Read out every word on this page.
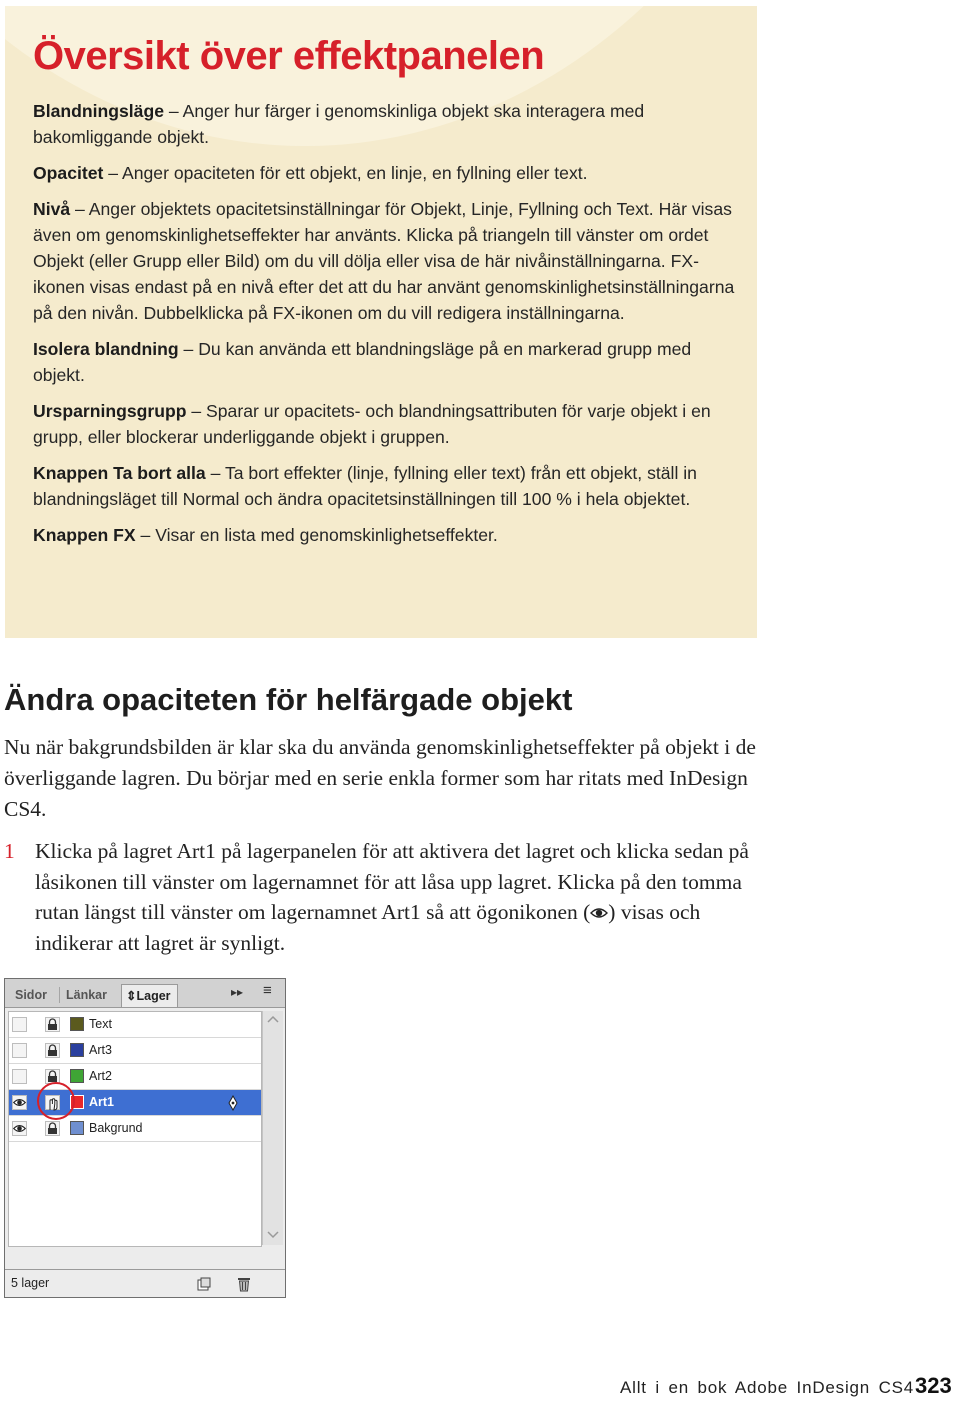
Översikt över effektpanelen

Blandningsläge – Anger hur färger i genomskinliga objekt ska interagera med bakomliggande objekt.

Opacitet – Anger opaciteten för ett objekt, en linje, en fyllning eller text.

Nivå – Anger objektets opacitetsinställningar för Objekt, Linje, Fyllning och Text. Här visas även om genomskinlighetseffekter har använts. Klicka på triangeln till vänster om ordet Objekt (eller Grupp eller Bild) om du vill dölja eller visa de här nivåinställningarna. FX-ikonen visas endast på en nivå efter det att du har använt genomskinlighetsinställningarna på den nivån. Dubbelklicka på FX-ikonen om du vill redigera inställningarna.

Isolera blandning – Du kan använda ett blandningsläge på en markerad grupp med objekt.

Ursparningsgrupp – Sparar ur opacitets- och blandningsattributen för varje objekt i en grupp, eller blockerar underliggande objekt i gruppen.

Knappen Ta bort alla – Ta bort effekter (linje, fyllning eller text) från ett objekt, ställ in blandningsläget till Normal och ändra opacitetsinställningen till 100 % i hela objektet.

Knappen FX – Visar en lista med genomskinlighetseffekter.

Ändra opaciteten för helfärgade objekt

Nu när bakgrundsbilden är klar ska du använda genomskinlighetseffekter på objekt i de överliggande lagren. Du börjar med en serie enkla former som har ritats med InDesign CS4.

1 Klicka på lagret Art1 på lagerpanelen för att aktivera det lagret och klicka sedan på låsikonen till vänster om lagernamnet för att låsa upp lagret. Klicka på den tomma rutan längst till vänster om lagernamnet Art1 så att ögonikonen ( ) visas och indikerar att lagret är synligt.
Sidor	Länkar	⇕Lager	▸▸ ≡
Text
Art3
Art2
Art1
Bakgrund
5 lager
Allt i en bok Adobe InDesign CS4 323
